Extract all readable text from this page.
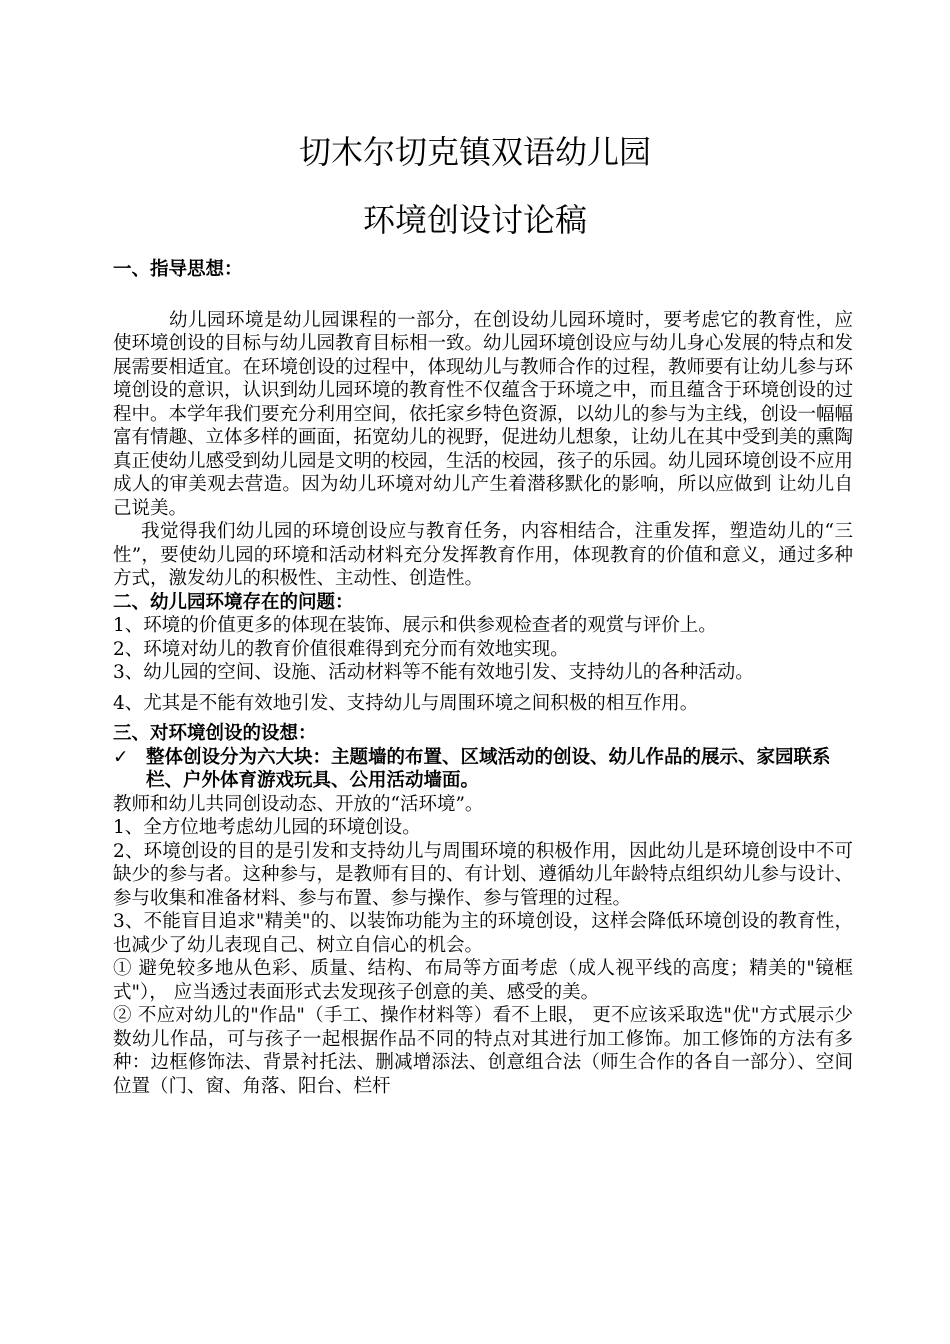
切木尔切克镇双语幼儿园
环境创设讨论稿

一、指导思想：

幼儿园环境是幼儿园课程的一部分，在创设幼儿园环境时，要考虑它的教育性，应使环境创设的目标与幼儿园教育目标相一致。幼儿园环境创设应与幼儿身心发展的特点和发展需要相适宜。在环境创设的过程中，体现幼儿与教师合作的过程，教师要有让幼儿参与环境创设的意识，认识到幼儿园环境的教育性不仅蕴含于环境之中，而且蕴含于环境创设的过程中。本学年我们要充分利用空间，依托家乡特色资源，以幼儿的参与为主线，创设一幅幅富有情趣、立体多样的画面，拓宽幼儿的视野，促进幼儿想象，让幼儿在其中受到美的熏陶真正使幼儿感受到幼儿园是文明的校园，生活的校园，孩子的乐园。幼儿园环境创设不应用成人的审美观去营造。因为幼儿环境对幼儿产生着潜移默化的影响，所以应做到 让幼儿自己说美。

我觉得我们幼儿园的环境创设应与教育任务，内容相结合，注重发挥，塑造幼儿的“三性”，要使幼儿园的环境和活动材料充分发挥教育作用，体现教育的价值和意义，通过多种方式，激发幼儿的积极性、主动性、创造性。

二、幼儿园环境存在的问题：

1、环境的价值更多的体现在装饰、展示和供参观检查者的观赏与评价上。

2、环境对幼儿的教育价值很难得到充分而有效地实现。

3、幼儿园的空间、设施、活动材料等不能有效地引发、支持幼儿的各种活动。

4、尤其是不能有效地引发、支持幼儿与周围环境之间积极的相互作用。

三、对环境创设的设想：

✓ 整体创设分为六大块：主题墙的布置、区域活动的创设、幼儿作品的展示、家园联系栏、户外体育游戏玩具、公用活动墙面。

教师和幼儿共同创设动态、开放的“活环境”。

1、全方位地考虑幼儿园的环境创设。

2、环境创设的目的是引发和支持幼儿与周围环境的积极作用，因此幼儿是环境创设中不可缺少的参与者。这种参与，是教师有目的、有计划、遵循幼儿年龄特点组织幼儿参与设计、参与收集和准备材料、参与布置、参与操作、参与管理的过程。

3、不能盲目追求"精美"的、以装饰功能为主的环境创设，这样会降低环境创设的教育性，也减少了幼儿表现自己、树立自信心的机会。

① 避免较多地从色彩、质量、结构、布局等方面考虑（成人视平线的高度；精美的"镜框式"）， 应当透过表面形式去发现孩子创意的美、感受的美。

② 不应对幼儿的"作品"（手工、操作材料等）看不上眼， 更不应该采取选"优"方式展示少数幼儿作品，可与孩子一起根据作品不同的特点对其进行加工修饰。加工修饰的方法有多种：边框修饰法、背景衬托法、删减增添法、创意组合法（师生合作的各自一部分）、空间位置（门、窗、角落、阳台、栏杆
